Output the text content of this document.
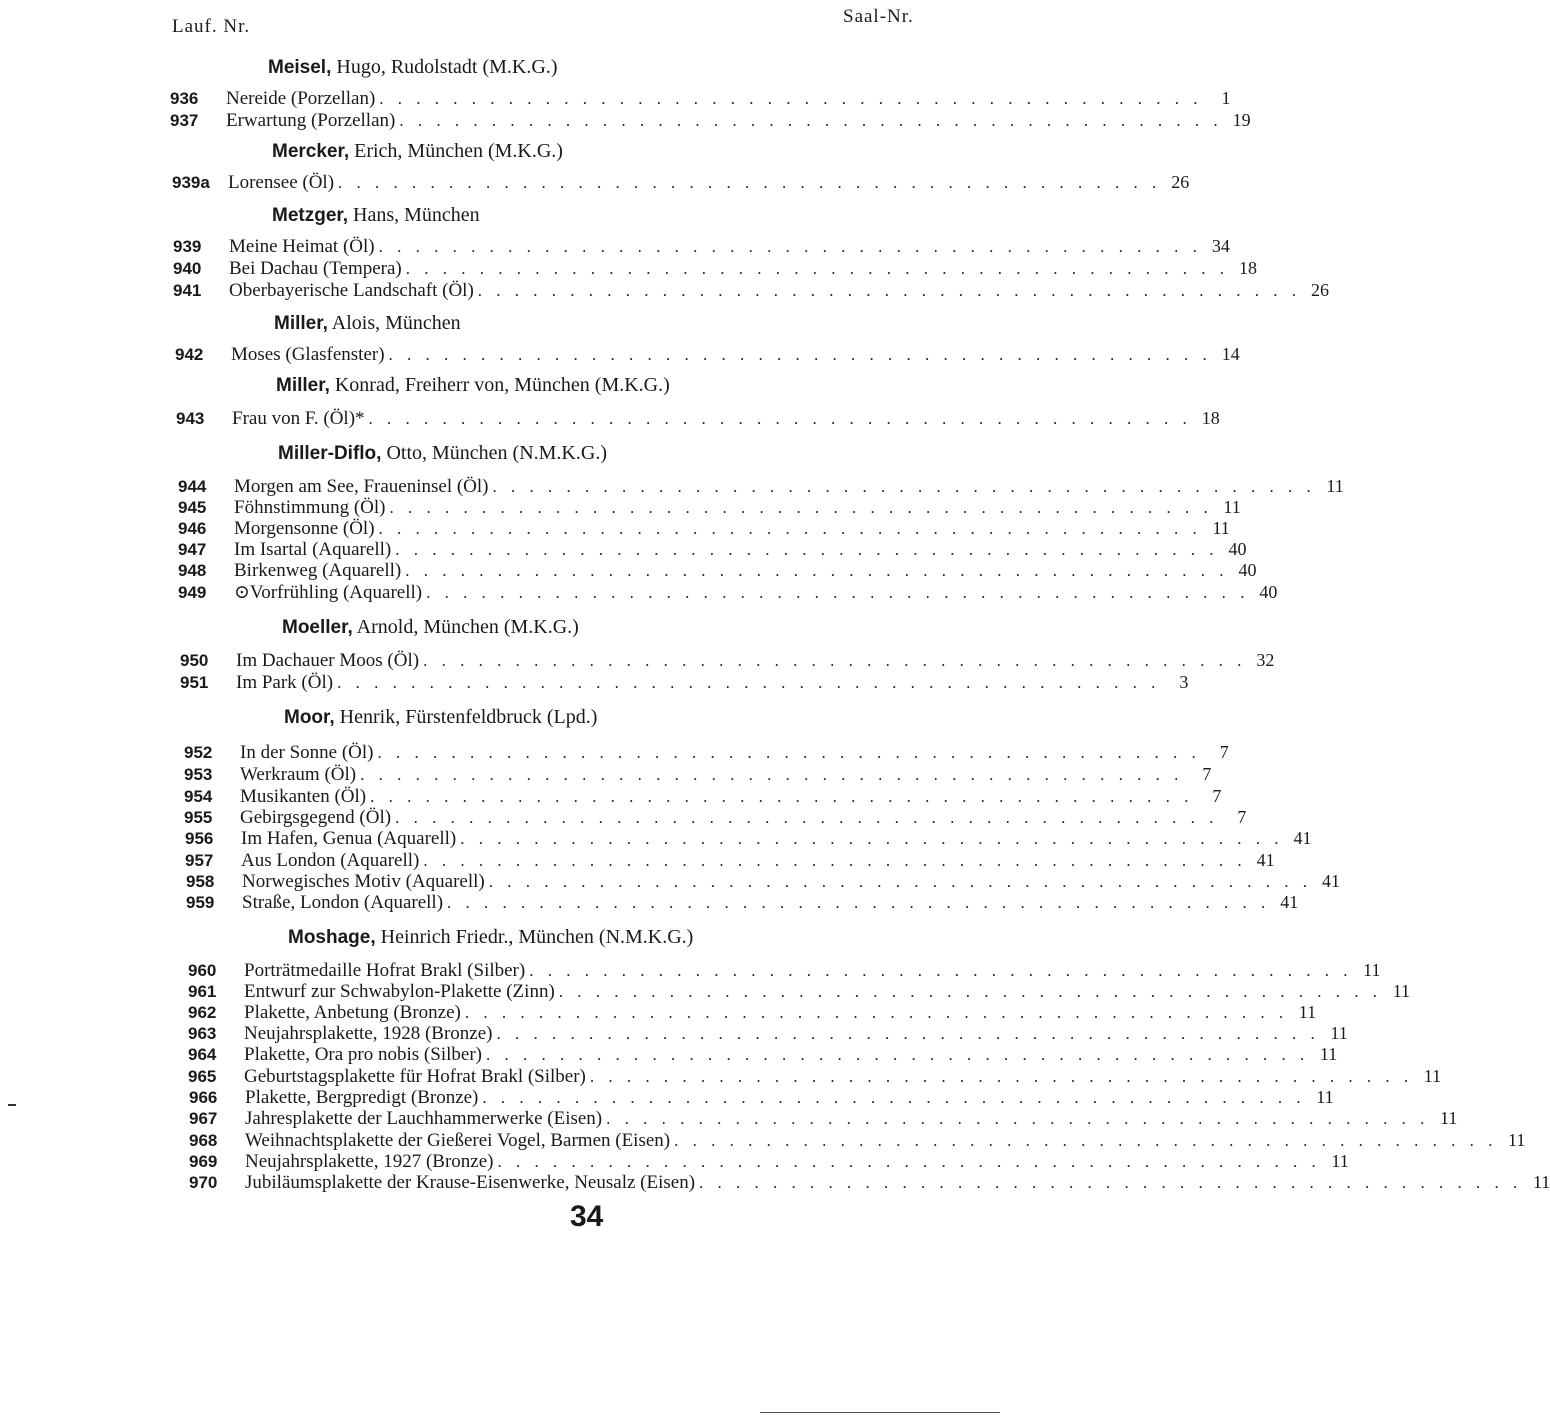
Lauf. Nr.	Saal-Nr.
Meisel, Hugo, Rudolstadt (M.K.G.)
936	Nereide (Porzellan) . . . . . . . . . . . . . . . . . . . . . . . . . . . . . . . . . . . . . . . . . . . . .	1
937	Erwartung (Porzellan) . . . . . . . . . . . . . . . . . . . . . . . . . . . . . . . . . . . . . . . . . . . . . 19
Mercker, Erich, München (M.K.G.)
939a Lorensee (Öl) . . . . . . . . . . . . . . . . . . . . . . . . . . . . . . . . . . . . . . . . . . . . . 26
Metzger, Hans, München
939	Meine Heimat (Öl) . . . . . . . . . . . . . . . . . . . . . . . . . . . . . . . . . . . . . . . . . . . . . 34
940	Bei Dachau (Tempera) . . . . . . . . . . . . . . . . . . . . . . . . . . . . . . . . . . . . . . . . . . . . . 18
941	Oberbayerische Landschaft (Öl) . . . . . . . . . . . . . . . . . . . . . . . . . . . . . . . . . . . . . . . . . . . . . 26
Miller, Alois, München
942	Moses (Glasfenster) . . . . . . . . . . . . . . . . . . . . . . . . . . . . . . . . . . . . . . . . . . . . . 14
Miller, Konrad, Freiherr von, München (M.K.G.)
943	Frau von F. (Öl)* . . . . . . . . . . . . . . . . . . . . . . . . . . . . . . . . . . . . . . . . . . . . . 18
Miller-Diflo, Otto, München (N.M.K.G.)
944	Morgen am See, Fraueninsel (Öl) . . . . . . . . . . . . . . . . . . . . . . . . . . . . . . . . . . . . . . . . . . . . . 11
945	Föhnstimmung (Öl) . . . . . . . . . . . . . . . . . . . . . . . . . . . . . . . . . . . . . . . . . . . . . 11
946	Morgensonne (Öl) . . . . . . . . . . . . . . . . . . . . . . . . . . . . . . . . . . . . . . . . . . . . . 11
947	Im Isartal (Aquarell) . . . . . . . . . . . . . . . . . . . . . . . . . . . . . . . . . . . . . . . . . . . . . 40
948	Birkenweg (Aquarell) . . . . . . . . . . . . . . . . . . . . . . . . . . . . . . . . . . . . . . . . . . . . . 40
949	⊙Vorfrühling (Aquarell) . . . . . . . . . . . . . . . . . . . . . . . . . . . . . . . . . . . . . . . . . . . . . 40
Moeller, Arnold, München (M.K.G.)
950	Im Dachauer Moos (Öl) . . . . . . . . . . . . . . . . . . . . . . . . . . . . . . . . . . . . . . . . . . . . . 32
951	Im Park (Öl) . . . . . . . . . . . . . . . . . . . . . . . . . . . . . . . . . . . . . . . . . . . . .	3
Moor, Henrik, Fürstenfeldbruck (Lpd.)
952	In der Sonne (Öl) . . . . . . . . . . . . . . . . . . . . . . . . . . . . . . . . . . . . . . . . . . . . .	7
953	Werkraum (Öl) . . . . . . . . . . . . . . . . . . . . . . . . . . . . . . . . . . . . . . . . . . . . .	7
954	Musikanten (Öl) . . . . . . . . . . . . . . . . . . . . . . . . . . . . . . . . . . . . . . . . . . . . .	7
955	Gebirgsgegend (Öl) . . . . . . . . . . . . . . . . . . . . . . . . . . . . . . . . . . . . . . . . . . . . .	7
956	Im Hafen, Genua (Aquarell) . . . . . . . . . . . . . . . . . . . . . . . . . . . . . . . . . . . . . . . . . . . . . 41
957	Aus London (Aquarell) . . . . . . . . . . . . . . . . . . . . . . . . . . . . . . . . . . . . . . . . . . . . . 41
958	Norwegisches Motiv (Aquarell) . . . . . . . . . . . . . . . . . . . . . . . . . . . . . . . . . . . . . . . . . . . . . 41
959	Straße, London (Aquarell) . . . . . . . . . . . . . . . . . . . . . . . . . . . . . . . . . . . . . . . . . . . . . 41
Moshage, Heinrich Friedr., München (N.M.K.G.)
960	Porträtmedaille Hofrat Brakl (Silber) . . . . . . . . . . . . . . . . . . . . . . . . . . . . . . . . . . . . . . . . . . . . . 11
961	Entwurf zur Schwabylon-Plakette (Zinn) . . . . . . . . . . . . . . . . . . . . . . . . . . . . . . . . . . . . . . . . . . . . . 11
962	Plakette, Anbetung (Bronze) . . . . . . . . . . . . . . . . . . . . . . . . . . . . . . . . . . . . . . . . . . . . . 11
963	Neujahrsplakette, 1928 (Bronze) . . . . . . . . . . . . . . . . . . . . . . . . . . . . . . . . . . . . . . . . . . . . . 11
964	Plakette, Ora pro nobis (Silber) . . . . . . . . . . . . . . . . . . . . . . . . . . . . . . . . . . . . . . . . . . . . . 11
965	Geburtstagsplakette für Hofrat Brakl (Silber) . . . . . . . . . . . . . . . . . . . . . . . . . . . . . . . . . . . . . . . . . . . . . 11
966	Plakette, Bergpredigt (Bronze) . . . . . . . . . . . . . . . . . . . . . . . . . . . . . . . . . . . . . . . . . . . . . 11
967	Jahresplakette der Lauchhammerwerke (Eisen) . . . . . . . . . . . . . . . . . . . . . . . . . . . . . . . . . . . . . . . . . . . . . 11
968	Weihnachtsplakette der Gießerei Vogel, Barmen (Eisen) . . . . . . . . . . . . . . . . . . . . . . . . . . . . . . . . . . . . . . . . . . . . . 11
969	Neujahrsplakette, 1927 (Bronze) . . . . . . . . . . . . . . . . . . . . . . . . . . . . . . . . . . . . . . . . . . . . . 11
970	Jubiläumsplakette der Krause-Eisenwerke, Neusalz (Eisen) . . . . . . . . . . . . . . . . . . . . . . . . . . . . . . . . . . . . . . . . . . . . . 11
34
